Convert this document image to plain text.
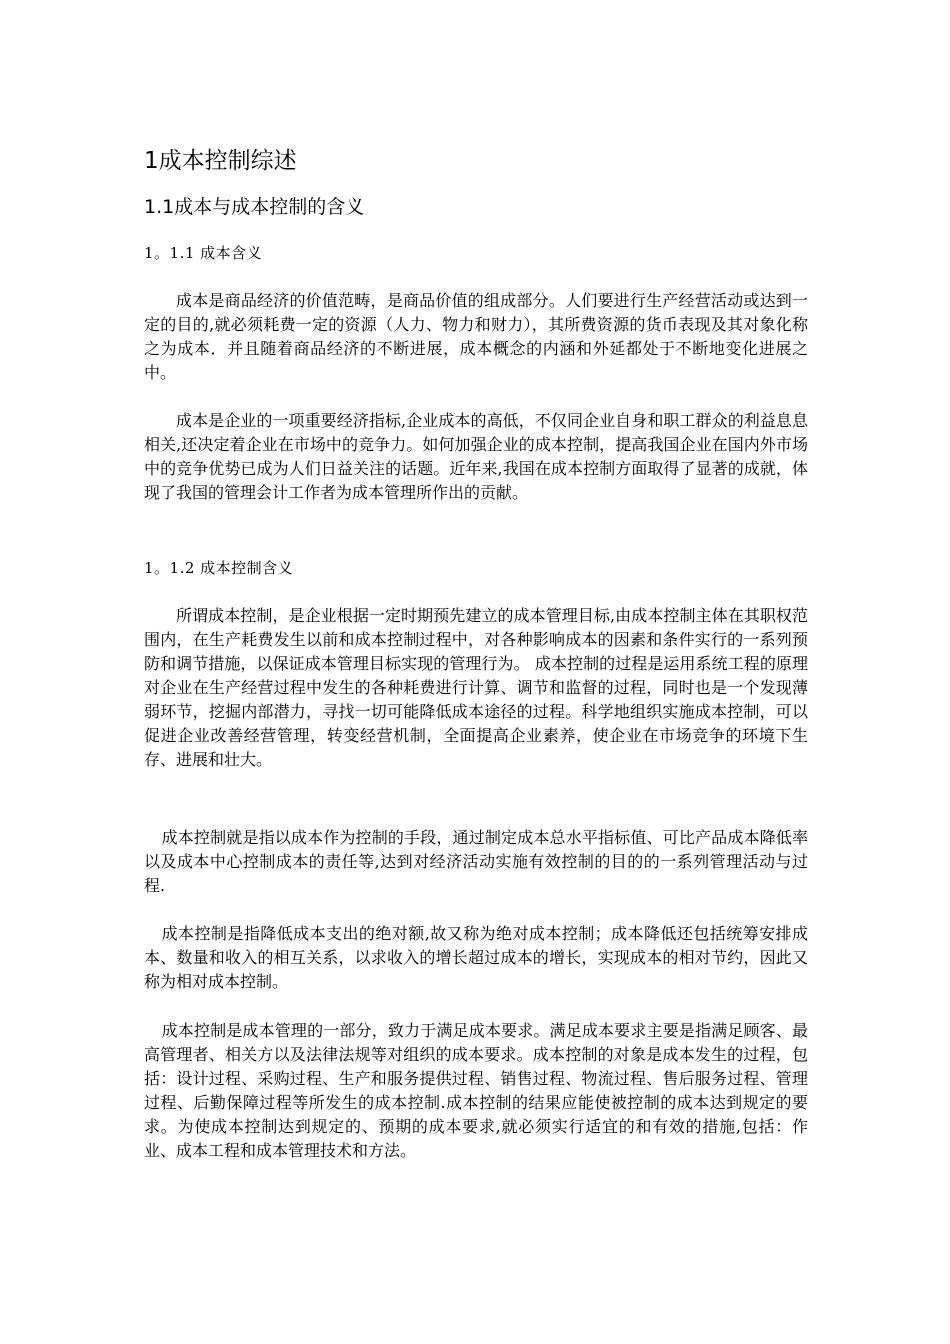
1成本控制综述
1.1成本与成本控制的含义
1。1.1 成本含义

成本是商品经济的价值范畴，是商品价值的组成部分。人们要进行生产经营活动或达到一定的目的,就必须耗费一定的资源（人力、物力和财力），其所费资源的货币表现及其对象化称之为成本．并且随着商品经济的不断进展，成本概念的内涵和外延都处于不断地变化进展之中。

成本是企业的一项重要经济指标,企业成本的高低，不仅同企业自身和职工群众的利益息息相关,还决定着企业在市场中的竞争力。如何加强企业的成本控制，提高我国企业在国内外市场中的竞争优势已成为人们日益关注的话题。近年来,我国在成本控制方面取得了显著的成就，体现了我国的管理会计工作者为成本管理所作出的贡献。

1。1.2 成本控制含义

所谓成本控制，是企业根据一定时期预先建立的成本管理目标,由成本控制主体在其职权范围内，在生产耗费发生以前和成本控制过程中，对各种影响成本的因素和条件实行的一系列预防和调节措施，以保证成本管理目标实现的管理行为。 成本控制的过程是运用系统工程的原理对企业在生产经营过程中发生的各种耗费进行计算、调节和监督的过程，同时也是一个发现薄弱环节，挖掘内部潜力，寻找一切可能降低成本途径的过程。科学地组织实施成本控制，可以促进企业改善经营管理，转变经营机制，全面提高企业素养，使企业在市场竞争的环境下生存、进展和壮大。

成本控制就是指以成本作为控制的手段，通过制定成本总水平指标值、可比产品成本降低率以及成本中心控制成本的责任等,达到对经济活动实施有效控制的目的的一系列管理活动与过程.

成本控制是指降低成本支出的绝对额,故又称为绝对成本控制；成本降低还包括统筹安排成本、数量和收入的相互关系，以求收入的增长超过成本的增长，实现成本的相对节约，因此又称为相对成本控制。

成本控制是成本管理的一部分，致力于满足成本要求。满足成本要求主要是指满足顾客、最高管理者、相关方以及法律法规等对组织的成本要求。成本控制的对象是成本发生的过程，包括：设计过程、采购过程、生产和服务提供过程、销售过程、物流过程、售后服务过程、管理过程、后勤保障过程等所发生的成本控制.成本控制的结果应能使被控制的成本达到规定的要求。为使成本控制达到规定的、预期的成本要求,就必须实行适宜的和有效的措施,包括：作业、成本工程和成本管理技术和方法。
